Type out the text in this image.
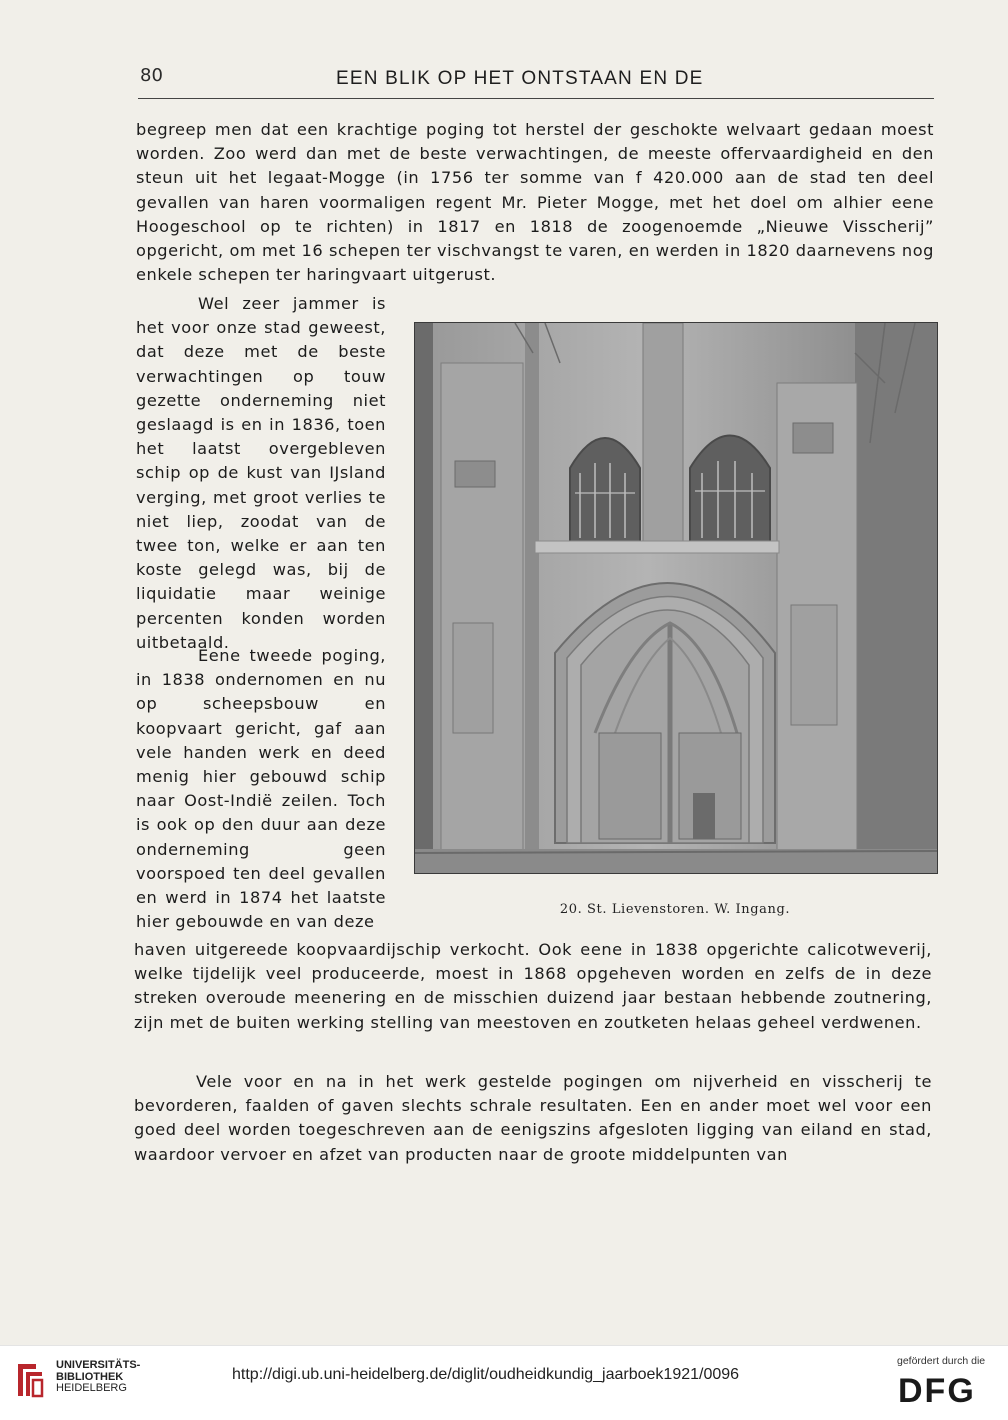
80	EEN BLIK OP HET ONTSTAAN EN DE

begreep men dat een krachtige poging tot herstel der geschokte welvaart gedaan moest worden. Zoo werd dan met de beste verwachtingen, de meeste offervaardigheid en den steun uit het legaat-Mogge (in 1756 ter somme van f 420.000 aan de stad ten deel gevallen van haren voormaligen regent Mr. Pieter Mogge, met het doel om alhier eene Hoogeschool op te richten) in 1817 en 1818 de zoogenoemde „Nieuwe Visscherij” opgericht, om met 16 schepen ter vischvangst te varen, en werden in 1820 daarnevens nog enkele schepen ter haringvaart uitgerust.

Wel zeer jammer is het voor onze stad geweest, dat deze met de beste verwachtingen op touw gezette onderneming niet geslaagd is en in 1836, toen het laatst overgebleven schip op de kust van IJsland verging, met groot verlies te niet liep, zoodat van de twee ton, welke er aan ten koste gelegd was, bij de liquidatie maar weinige percenten konden worden uitbetaald.

Eene tweede poging, in 1838 ondernomen en nu op scheepsbouw en koopvaart gericht, gaf aan vele handen werk en deed menig hier gebouwd schip naar Oost-Indië zeilen. Toch is ook op den duur aan deze onderneming geen voorspoed ten deel gevallen en werd in 1874 het laatste hier gebouwde en van deze

haven uitgereede koopvaardijschip verkocht. Ook eene in 1838 opgerichte calicotweverij, welke tijdelijk veel produceerde, moest in 1868 opgeheven worden en zelfs de in deze streken overoude meenering en de misschien duizend jaar bestaan hebbende zoutnering, zijn met de buiten werking stelling van meestoven en zoutketen helaas geheel verdwenen.

Vele voor en na in het werk gestelde pogingen om nijverheid en visscherij te bevorderen, faalden of gaven slechts schrale resultaten. Een en ander moet wel voor een goed deel worden toegeschreven aan de eenigszins afgesloten ligging van eiland en stad, waardoor vervoer en afzet van producten naar de groote middelpunten van

20. St. Lievenstoren. W. Ingang.
UNIVERSITÄTS-
BIBLIOTHEK
HEIDELBERG
http://digi.ub.uni-heidelberg.de/diglit/oudheidkundig_jaarboek1921/0096
gefördert durch die
DFG
